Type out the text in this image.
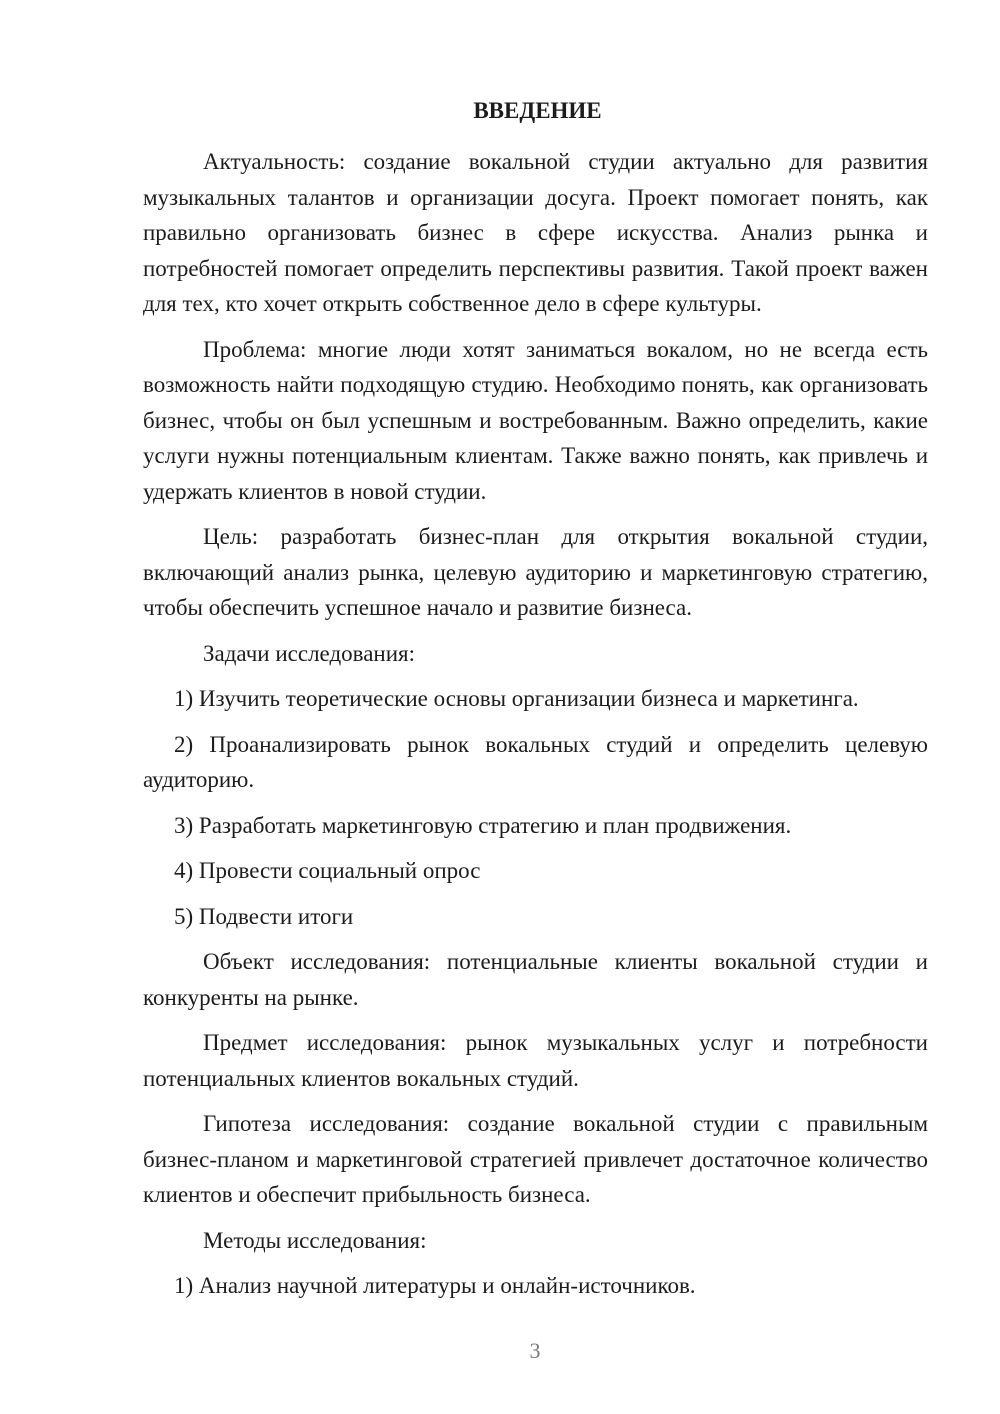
ВВЕДЕНИЕ

Актуальность: создание вокальной студии актуально для развития музыкальных талантов и организации досуга. Проект помогает понять, как правильно организовать бизнес в сфере искусства. Анализ рынка и потребностей помогает определить перспективы развития. Такой проект важен для тех, кто хочет открыть собственное дело в сфере культуры.

Проблема: многие люди хотят заниматься вокалом, но не всегда есть возможность найти подходящую студию. Необходимо понять, как организовать бизнес, чтобы он был успешным и востребованным. Важно определить, какие услуги нужны потенциальным клиентам. Также важно понять, как привлечь и удержать клиентов в новой студии.

Цель: разработать бизнес-план для открытия вокальной студии, включающий анализ рынка, целевую аудиторию и маркетинговую стратегию, чтобы обеспечить успешное начало и развитие бизнеса.

Задачи исследования:

1) Изучить теоретические основы организации бизнеса и маркетинга.

2) Проанализировать рынок вокальных студий и определить целевую аудиторию.

3) Разработать маркетинговую стратегию и план продвижения.

4) Провести социальный опрос

5) Подвести итоги

Объект исследования: потенциальные клиенты вокальной студии и конкуренты на рынке.

Предмет исследования: рынок музыкальных услуг и потребности потенциальных клиентов вокальных студий.

Гипотеза исследования: создание вокальной студии с правильным бизнес-планом и маркетинговой стратегией привлечет достаточное количество клиентов и обеспечит прибыльность бизнеса.

Методы исследования:

1) Анализ научной литературы и онлайн-источников.

3
